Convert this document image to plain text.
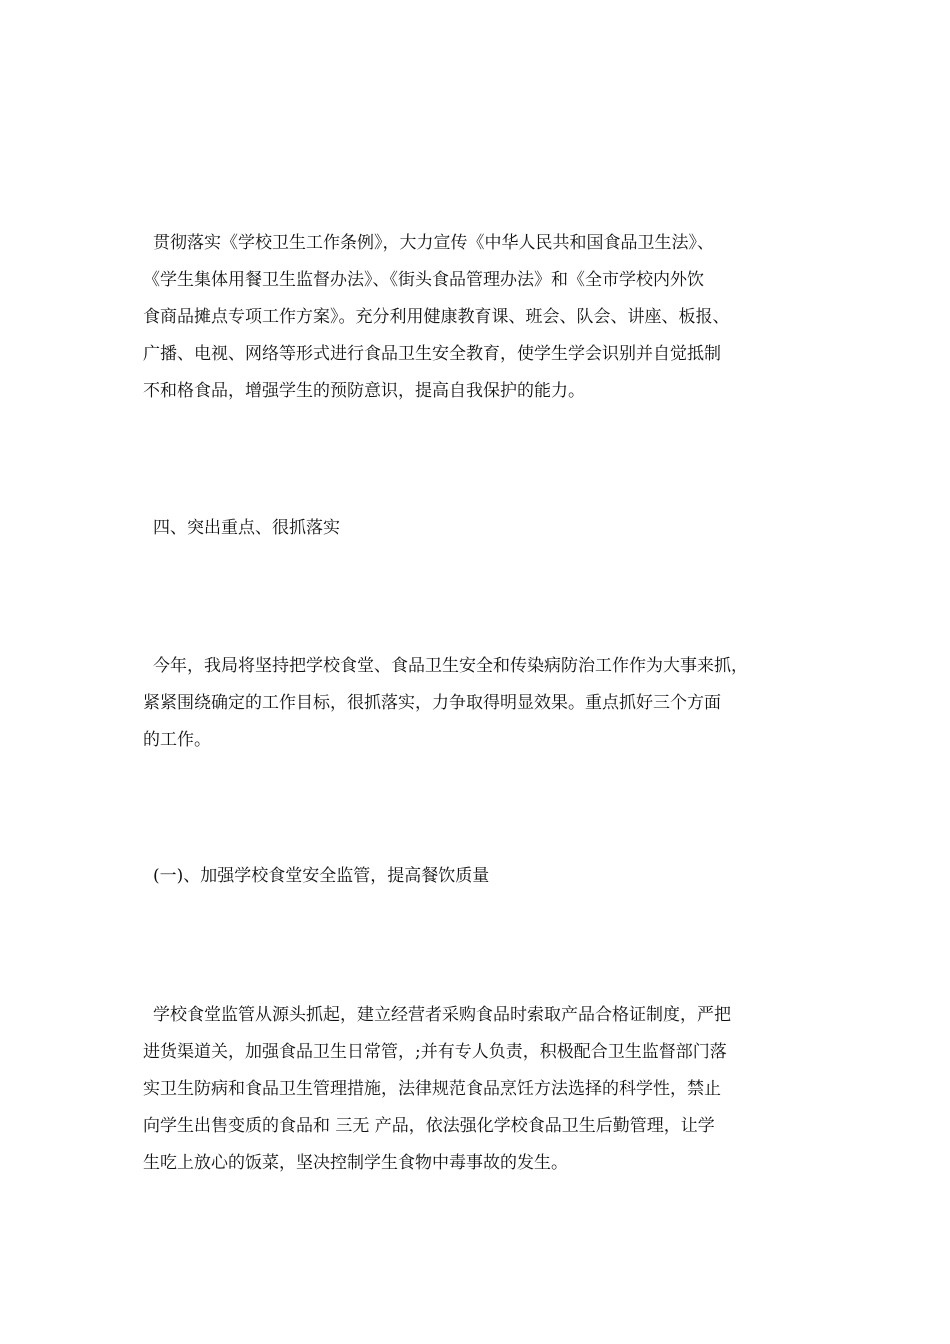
贯彻落实《学校卫生工作条例》，大力宣传《中华人民共和国食品卫生法》、
《学生集体用餐卫生监督办法》、《街头食品管理办法》和《全市学校内外饮
食商品摊点专项工作方案》。充分利用健康教育课、班会、队会、讲座、板报、
广播、电视、网络等形式进行食品卫生安全教育，使学生学会识别并自觉抵制
不和格食品，增强学生的预防意识，提高自我保护的能力。
四、突出重点、很抓落实
今年，我局将坚持把学校食堂、食品卫生安全和传染病防治工作作为大事来抓，
紧紧围绕确定的工作目标，很抓落实，力争取得明显效果。重点抓好三个方面
的工作。
(一)、加强学校食堂安全监管，提高餐饮质量
学校食堂监管从源头抓起，建立经营者采购食品时索取产品合格证制度，严把
进货渠道关，加强食品卫生日常管，;并有专人负责，积极配合卫生监督部门落
实卫生防病和食品卫生管理措施，法律规范食品烹饪方法选择的科学性，禁止
向学生出售变质的食品和 三无 产品，依法强化学校食品卫生后勤管理，让学
生吃上放心的饭菜，坚决控制学生食物中毒事故的发生。
